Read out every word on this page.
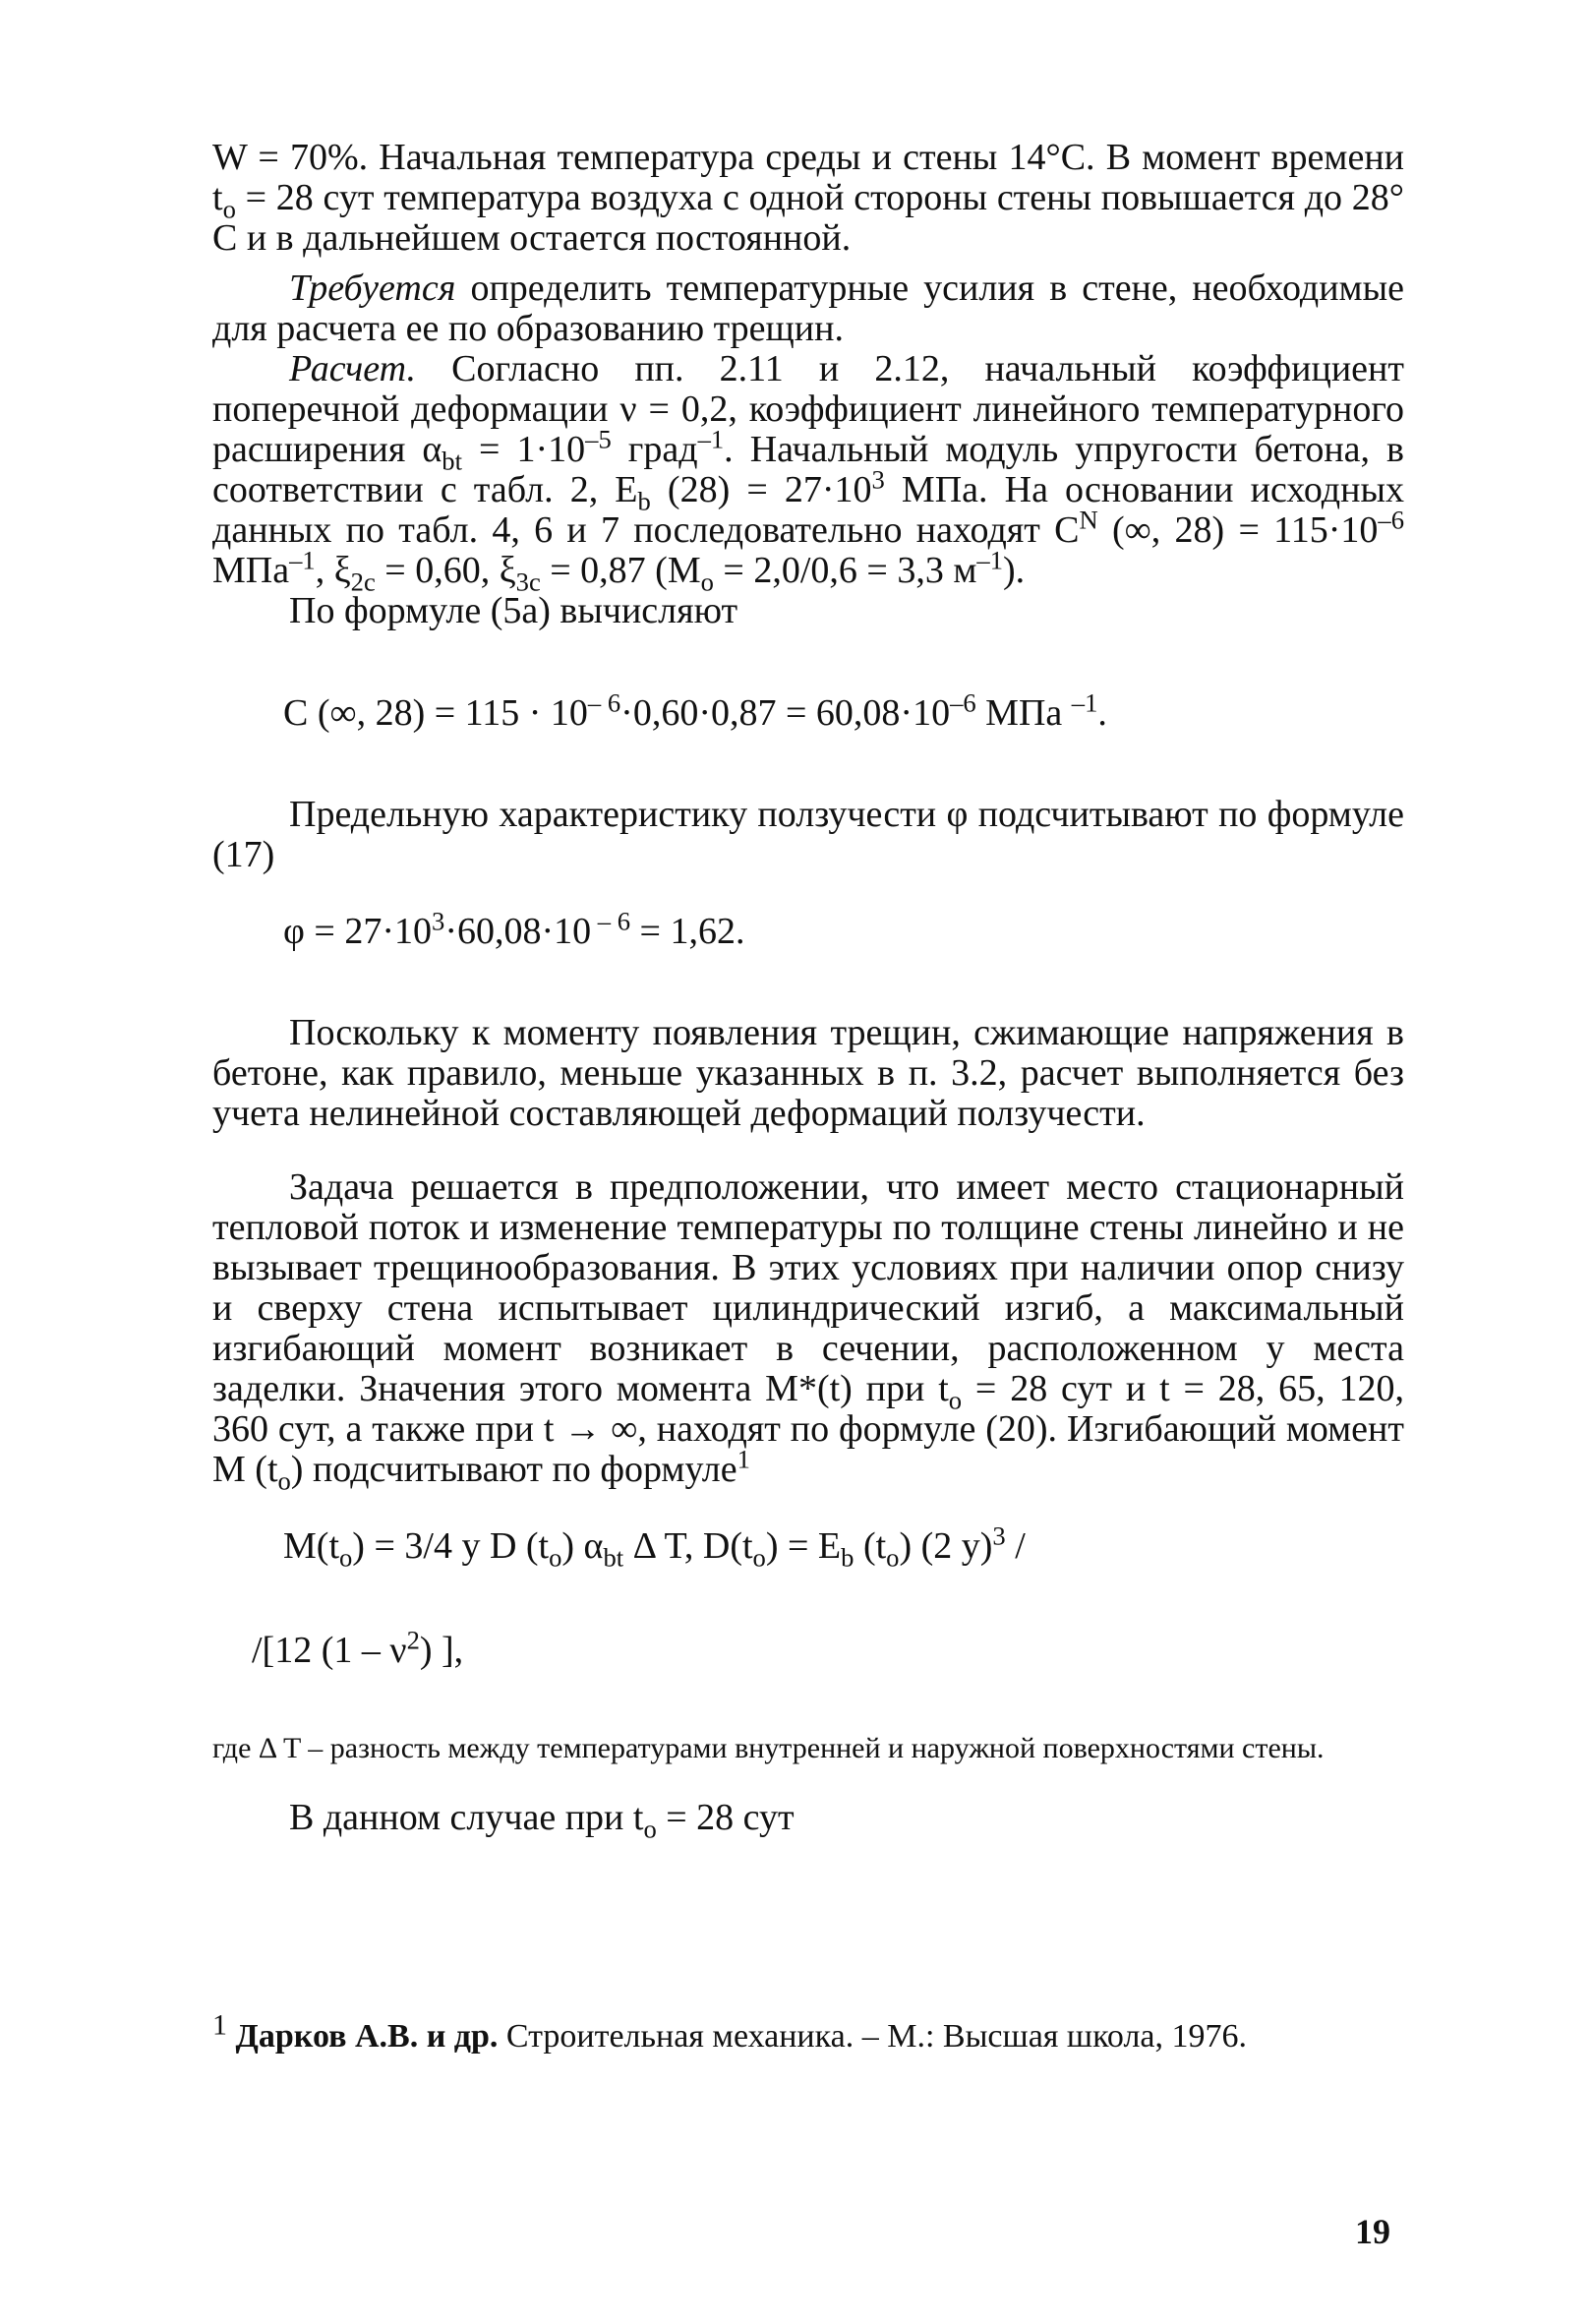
W = 70%. Начальная температура среды и стены 14°С. В момент времени $t_о = 28$ сут температура воздуха с одной стороны стены повышается до 28° С и в дальнейшем остается постоянной.

Требуется определить температурные усилия в стене, необходимые для расчета ее по образованию трещин.

Расчет. Согласно пп. 2.11 и 2.12, начальный коэффициент поперечной деформации ν = 0,2, коэффициент линейного температурного расширения $\alpha_{bt} = 1\cdot 10^{-5}$ град$^{-1}$. Начальный модуль упругости бетона, в соответствии с табл. 2, $E_b$ $(28) = 27\cdot 10^3$ МПа. На основании исходных данных по табл. 4, 6 и 7 последовательно находят $C^N$ (∞, $28) = 115\cdot 10^{-6}$ МПа$^{-1}$, $\xi_{2c} = 0,60$, $\xi_{3c} = 0,87$ ($M_o = 2,0/0,6 = 3,3$ $м^{-1}$).

По формуле (5а) вычисляют

C (∞, $28) = 115 \cdot 10^{- 6}\cdot 0,60\cdot 0,87 = 60,08\cdot 10^{-6}$ МПа $^{-1}$.

Предельную характеристику ползучести φ подсчитывают по формуле (17)

$\varphi = 27\cdot 10^3\cdot 60,08\cdot 10$ $^{- 6}$ = 1,62.

Поскольку к моменту появления трещин, сжимающие напряжения в бетоне, как правило, меньше указанных в п. 3.2, расчет выполняется без учета нелинейной составляющей деформаций ползучести.

Задача решается в предположении, что имеет место стационарный тепловой поток и изменение температуры по толщине стены линейно и не вызывает трещинообразования. В этих условиях при наличии опор снизу и сверху стена испытывает цилиндрический изгиб, а максимальный изгибающий момент возникает в сечении, расположенном у места заделки. Значения этого момента M*(t) при $t_о = 28$ сут и t = 28, 65, 120, 360 сут, а также при t → ∞, находят по формуле (20). Изгибающий момент M $(t_о)$ подсчитывают по формуле$^1$

$M(t_о) = 3/4$ y D $(t_о)$ $\alpha_{bt}$ Δ T, $D(t_о) = E_b$ $(t_о)$ (2 y)$^3$ /

/[12 $(1 - \nu^2)$ ],

где Δ T – разность между температурами внутренней и наружной поверхностями стены.

В данном случае при $t_о = 28$ сут

1 Дарков А.В. и др. Строительная механика. – М.: Высшая школа, 1976.
19
